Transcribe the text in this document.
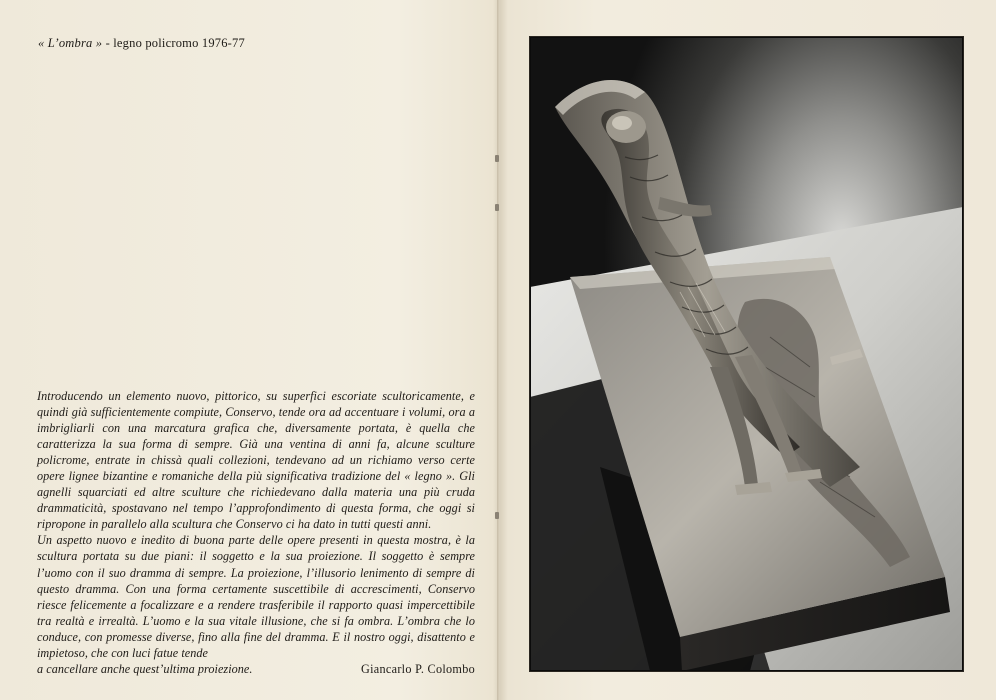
« L’ombra » - legno policromo 1976-77

Introducendo un elemento nuovo, pittorico, su superfici escoriate scultoricamente, e quindi già sufficientemente compiute, Conservo, tende ora ad accentuare i volumi, ora a imbrigliarli con una marcatura grafica che, diversamente portata, è quella che caratterizza la sua forma di sempre. Già una ventina di anni fa, alcune sculture policrome, entrate in chissà quali collezioni, tendevano ad un richiamo verso certe opere lignee bizantine e romaniche della più significativa tradizione del « legno ». Gli agnelli squarciati ed altre sculture che richiedevano dalla materia una più cruda drammaticità, spostavano nel tempo l’approfondimento di questa forma, che oggi si ripropone in parallelo alla scultura che Conservo ci ha dato in tutti questi anni.

Un aspetto nuovo e inedito di buona parte delle opere presenti in questa mostra, è la scultura portata su due piani: il soggetto e la sua proiezione. Il soggetto è sempre l’uomo con il suo dramma di sempre. La proiezione, l’illusorio lenimento di sempre di questo dramma. Con una forma certamente suscettibile di accrescimenti, Conservo riesce felicemente a focalizzare e a rendere trasferibile il rapporto quasi impercettibile tra realtà e irrealtà. L’uomo e la sua vitale illusione, che si fa ombra. L’ombra che lo conduce, con promesse diverse, fino alla fine del dramma. E il nostro oggi, disattento e impietoso, che con luci fatue tende

a cancellare anche quest’ultima proiezione.	Giancarlo P. Colombo
